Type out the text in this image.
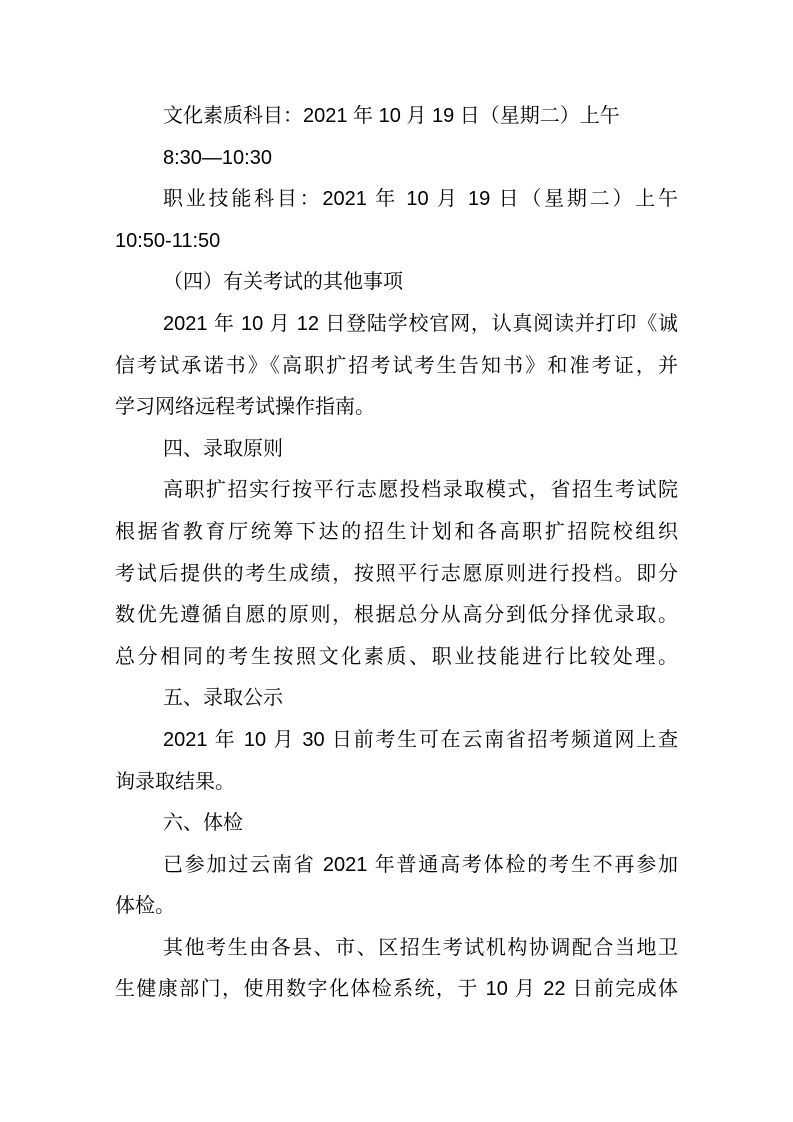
文化素质科目：2021 年 10 月 19 日（星期二）上午
8:30—10:30
职业技能科目：2021 年 10 月 19 日（星期二）上午
10:50-11:50
（四）有关考试的其他事项
2021 年 10 月 12 日登陆学校官网，认真阅读并打印《诚
信考试承诺书》《高职扩招考试考生告知书》和准考证，并
学习网络远程考试操作指南。
四、录取原则
高职扩招实行按平行志愿投档录取模式，省招生考试院
根据省教育厅统筹下达的招生计划和各高职扩招院校组织
考试后提供的考生成绩，按照平行志愿原则进行投档。即分
数优先遵循自愿的原则，根据总分从高分到低分择优录取。
总分相同的考生按照文化素质、职业技能进行比较处理。
五、录取公示
2021 年 10 月 30 日前考生可在云南省招考频道网上查
询录取结果。
六、体检
已参加过云南省 2021 年普通高考体检的考生不再参加
体检。
其他考生由各县、市、区招生考试机构协调配合当地卫
生健康部门，使用数字化体检系统，于 10 月 22 日前完成体
